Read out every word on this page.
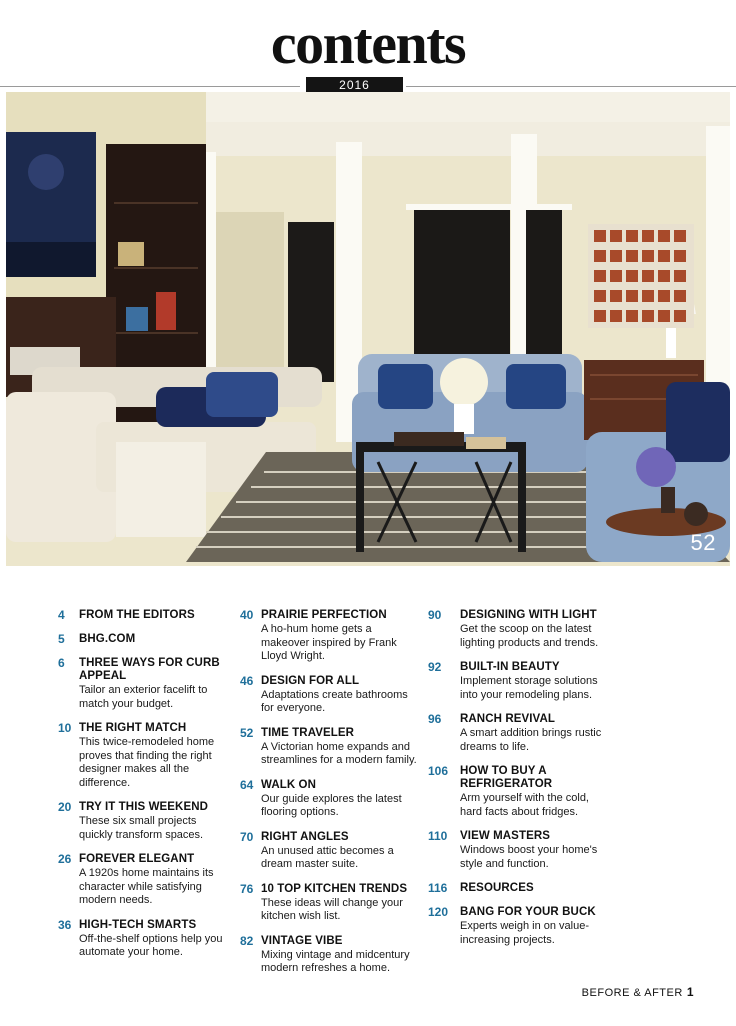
contents
2016
52
4 FROM THE EDITORS
5 BHG.COM
6 THREE WAYS FOR CURB APPEAL
Tailor an exterior facelift to match your budget.
10 THE RIGHT MATCH
This twice-remodeled home proves that finding the right designer makes all the difference.
20 TRY IT THIS WEEKEND
These six small projects quickly transform spaces.
26 FOREVER ELEGANT
A 1920s home maintains its character while satisfying modern needs.
36 HIGH-TECH SMARTS
Off-the-shelf options help you automate your home.
40 PRAIRIE PERFECTION
A ho-hum home gets a makeover inspired by Frank Lloyd Wright.
46 DESIGN FOR ALL
Adaptations create bathrooms for everyone.
52 TIME TRAVELER
A Victorian home expands and streamlines for a modern family.
64 WALK ON
Our guide explores the latest flooring options.
70 RIGHT ANGLES
An unused attic becomes a dream master suite.
76 10 TOP KITCHEN TRENDS
These ideas will change your kitchen wish list.
82 VINTAGE VIBE
Mixing vintage and midcentury modern refreshes a home.
90 DESIGNING WITH LIGHT
Get the scoop on the latest lighting products and trends.
92 BUILT-IN BEAUTY
Implement storage solutions into your remodeling plans.
96 RANCH REVIVAL
A smart addition brings rustic dreams to life.
106 HOW TO BUY A REFRIGERATOR
Arm yourself with the cold, hard facts about fridges.
110 VIEW MASTERS
Windows boost your home's style and function.
116 RESOURCES
120 BANG FOR YOUR BUCK
Experts weigh in on value-increasing projects.
BEFORE & AFTER 1
